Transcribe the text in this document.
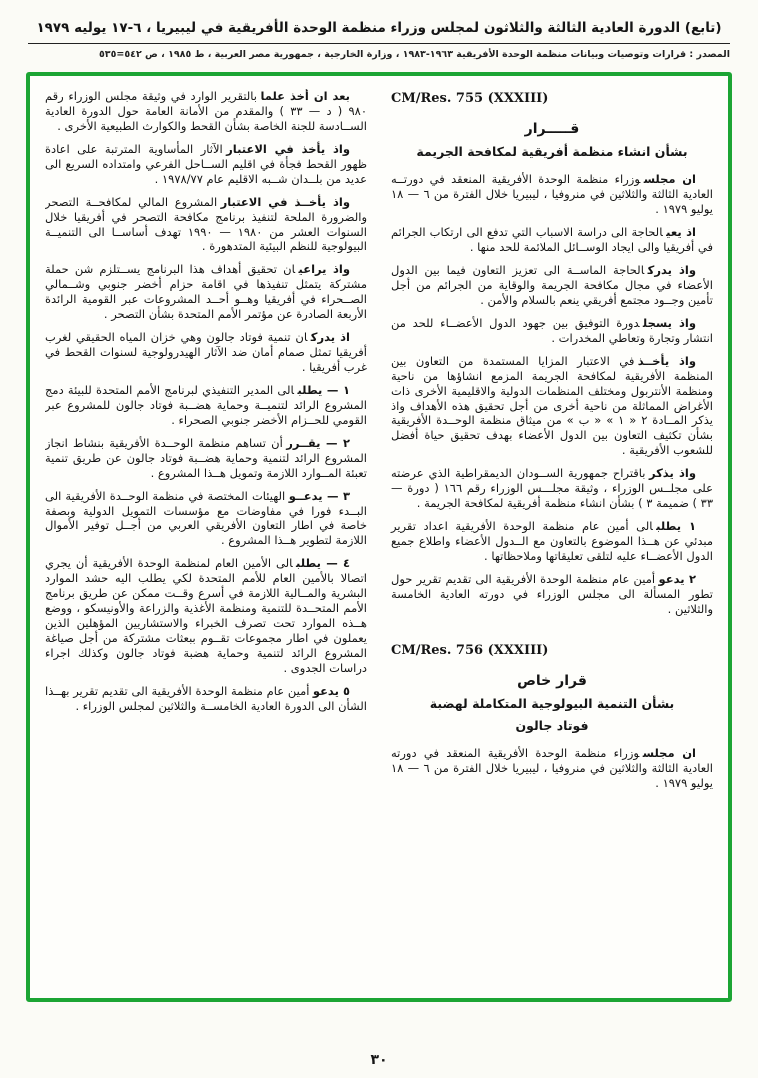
(تابع) الدورة العادية الثالثة والثلاثون لمجلس وزراء منظمة الوحدة الأفريقية في ليبيريا ، ٦-١٧ يوليه ١٩٧٩
المصدر : قرارات وتوصيات وبيانات منظمة الوحدة الأفريقية ١٩٦٣-١٩٨٣ ، وزارة الخارجية ، جمهورية مصر العربية ، ط ١٩٨٥ ، ص ٥٤٢=٥٣٥
CM/Res. 755 (XXXIII)
قـــــرار
بشأن انشاء منظمة أفريقية لمكافحة الجريمة

ان مجلسوزراء منظمة الوحدة الأفريقية المنعقد في دورتــه العادية الثالثة والثلاثين في منروفيا ، ليبيريا خلال الفترة من ٦ — ١٨ يوليو ١٩٧٩ .

اذ يعيالحاجة الى دراسة الاسباب التي تدفع الى ارتكاب الجرائم في أفريقيا والى ايجاد الوســائل الملائمة للحد منها .

واذ يدركالحاجة الماســة الى تعزيز التعاون فيما بين الدول الأعضاء في مجال مكافحة الجريمة والوقاية من الجرائم من أجل تأمين وجــود مجتمع أفريقي ينعم بالسلام والأمن .

واذ يسجلدورة التوفيق بين جهود الدول الأعضــاء للحد من انتشار وتجارة وتعاطي المخدرات .

واذ يأخــذفي الاعتبار المزايا المستمدة من التعاون بين المنظمة الأفريقية لمكافحة الجريمة المزمع انشاؤها من ناحية ومنظمة الأنتربول ومختلف المنظمات الدولية والاقليمية الأخرى ذات الأغراض المماثلة من ناحية أخرى من أجل تحقيق هذه الأهداف واذ يذكر المــادة ٢ « ١ » « ب » من ميثاق منظمة الوحــدة الأفريقية بشأن تكثيف التعاون بين الدول الأعضاء بهدف تحقيق حياة أفضل للشعوب الأفريقية .

واذ يذكرباقتراح جمهورية الســودان الديمقراطية الذي عرضته على مجلــس الوزراء ، وثيقة مجلـــس الوزراء رقم ١٦٦ ( دورة — ٣٣ ) ضميمة ٣ ) بشأن انشاء منظمة أفريقية لمكافحة الجريمة .

١ يطلبالى أمين عام منظمة الوحدة الأفريقية اعداد تقرير مبدئي عن هــذا الموضوع بالتعاون مع الــدول الأعضاء واطلاع جميع الدول الأعضــاء عليه لتلقى تعليقاتها وملاحظاتها .

٢ يدعوأمين عام منظمة الوحدة الأفريقية الى تقديم تقرير حول تطور المسألة الى مجلس الوزراء في دورته العادية الخامسة والثلاثين .

CM/Res. 756 (XXXIII)
قرار خاص
بشأن التنمية البيولوجية المتكاملة لهضبة
فوتاد جالون

ان مجلسوزراء منظمة الوحدة الأفريقية المنعقد في دورته العادية الثالثة والثلاثين في منروفيا ، ليبيريا خلال الفترة من ٦ — ١٨ يوليو ١٩٧٩ .

بعد ان أخذ علمابالتقرير الوارد في وثيقة مجلس الوزراء رقم ٩٨٠ ( د — ٣٣ ) والمقدم من الأمانة العامة حول الدورة العادية الســادسة للجنة الخاصة بشأن القحط والكوارث الطبيعية الأخرى .

واذ يأخذ في الاعتبارالآثار المأساوية المترتبة على اعادة ظهور القحط فجأة في اقليم الســاحل الفرعي وامتداده السريع الى عديد من بلــدان شــبه الاقليم عام ١٩٧٨/٧٧ .

واذ يأخــذ في الاعتبارالمشروع المالي لمكافحــة التصحر والضرورة الملحة لتنفيذ برنامج مكافحة التصحر في أفريقيا خلال السنوات العشر من ١٩٨٠ — ١٩٩٠ تهدف أساســا الى التنميــة البيولوجية للنظم البيئية المتدهورة .

واذ يراعيان تحقيق أهداف هذا البرنامج يســتلزم شن حملة مشتركة يتمثل تنفيذها في اقامة حزام أخضر جنوبي وشــمالي الصــحراء في أفريقيا وهــو أحــد المشروعات عبر القومية الرائدة الأربعة الصادرة عن مؤتمر الأمم المتحدة بشأن التصحر .

اذ يدركان تنمية فوتاد جالون وهي خزان المياه الحقيقي لغرب أفريقيا تمثل صمام أمان ضد الآثار الهيدرولوجية لسنوات القحط في غرب أفريقيا .

١ — يطلبالى المدير التنفيذي لبرنامج الأمم المتحدة للبيئة دمج المشروع الرائد لتنميــة وحماية هضــبة فوتاد جالون للمشروع عبر القومي للحــزام الأخضر جنوبي الصحراء .

٢ — يقــررأن تساهم منظمة الوحــدة الأفريقية بنشاط انجاز المشروع الرائد لتنمية وحماية هضــبة فوتاد جالون عن طريق تنمية تعبئة المــوارد اللازمة وتمويل هــذا المشروع .

٣ — يدعــوالهيئات المختصة في منظمة الوحــدة الأفريقية الى البــدء فورا في مفاوضات مع مؤسسات التمويل الدولية وبصفة خاصة في اطار التعاون الأفريقي العربي من أجــل توفير الأموال اللازمة لتطوير هــذا المشروع .

٤ — يطلبالى الأمين العام لمنظمة الوحدة الأفريقية أن يجري اتصالا بالأمين العام للأمم المتحدة لكي يطلب اليه حشد الموارد البشرية والمــالية اللازمة في أسرع وقــت ممكن عن طريق برنامج الأمم المتحــدة للتنمية ومنظمة الأغذية والزراعة والأونيسكو ، ووضع هــذه الموارد تحت تصرف الخبراء والاستشاريين المؤهلين الذين يعملون في اطار مجموعات تقــوم ببعثات مشتركة من أجل صياغة المشروع الرائد لتنمية وحماية هضبة فوتاد جالون وكذلك اجراء دراسات الجدوى .

٥ يدعوأمين عام منظمة الوحدة الأفريقية الى تقديم تقرير بهــذا الشأن الى الدورة العادية الخامســة والثلاثين لمجلس الوزراء .

٣٠
